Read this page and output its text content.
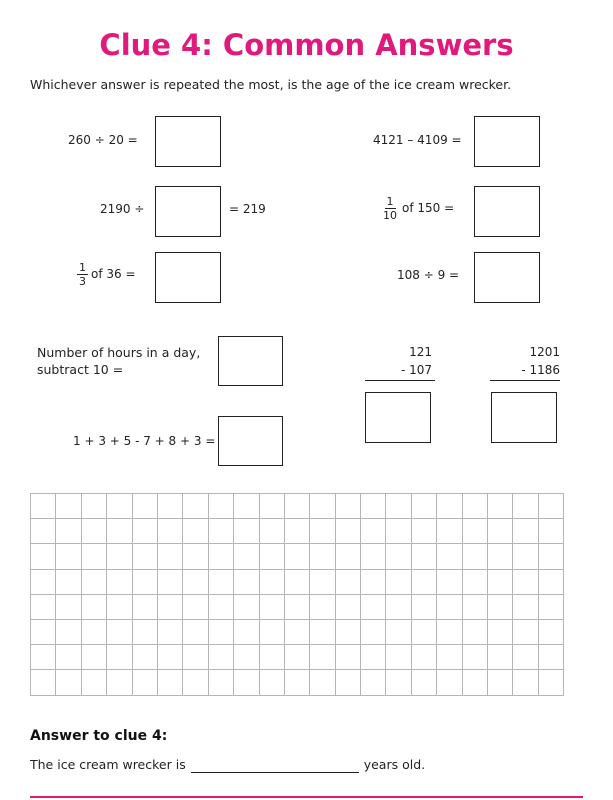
Clue 4: Common Answers
Whichever answer is repeated the most, is the age of the ice cream wrecker.
260 ÷ 20 =	4121 – 4109 =
2190 ÷	= 219	$\frac{1}{10}$ of 150 =
$\frac{1}{3}$ of 36 =	108 ÷ 9 =
Number of hours in a day,
subtract 10 =
121
- 107
1201
- 1186
1 + 3 + 5 - 7 + 8 + 3 =

Answer to clue 4:
The ice cream wrecker is	years old.
